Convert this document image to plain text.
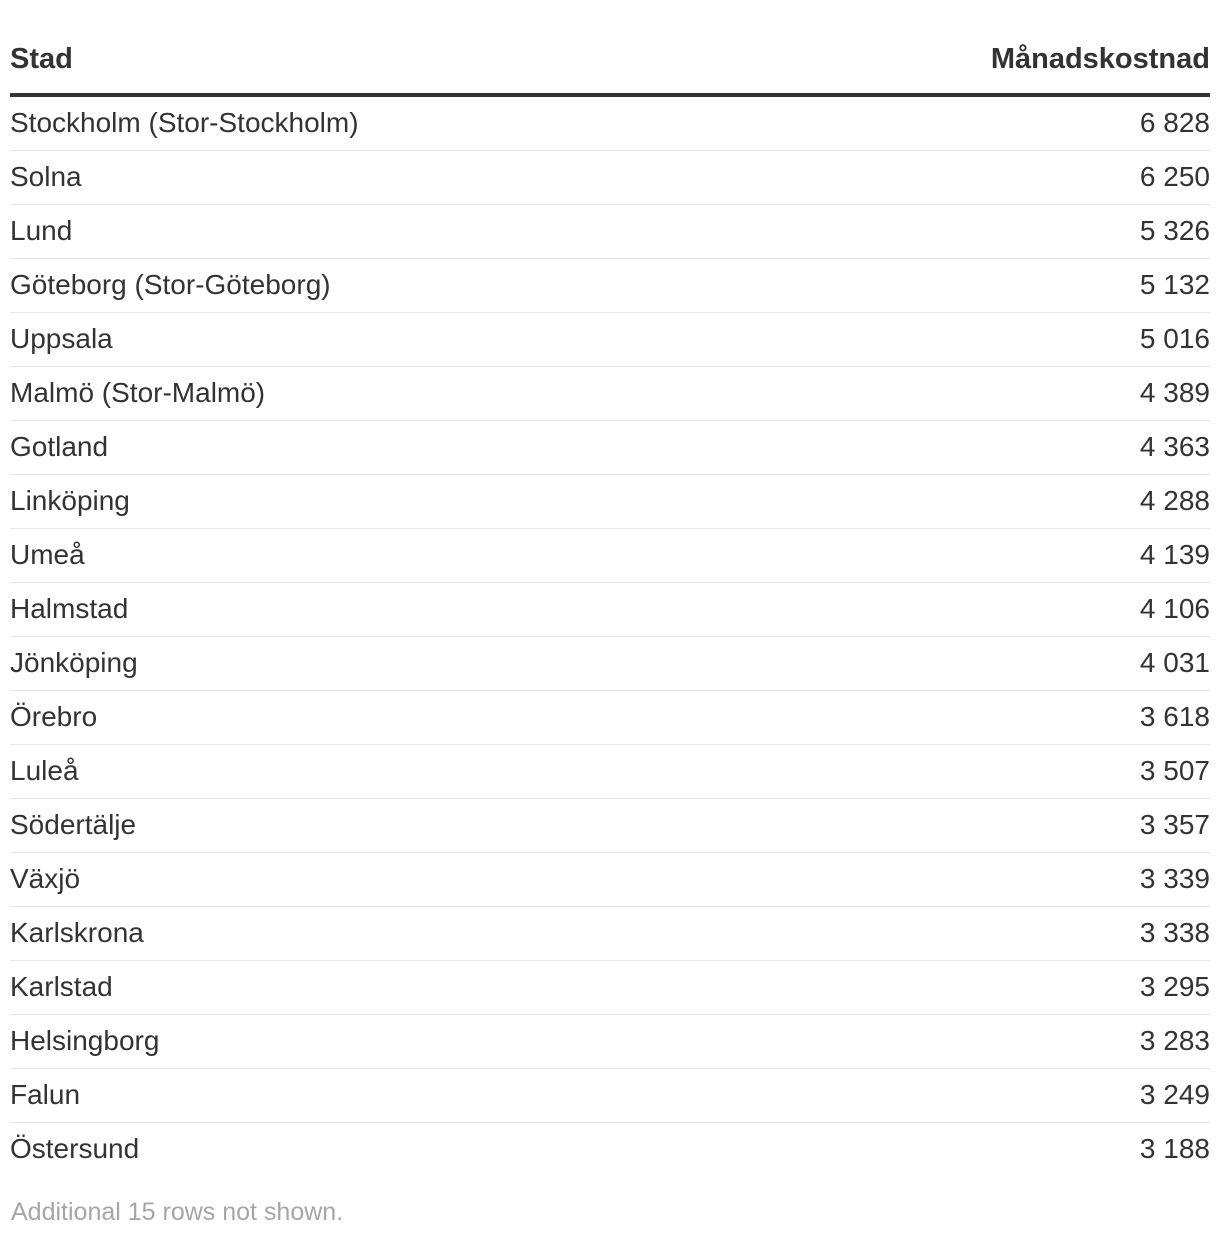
Stad	Månadskostnad
Stockholm (Stor-Stockholm)	6 828
Solna	6 250
Lund	5 326
Göteborg (Stor-Göteborg)	5 132
Uppsala	5 016
Malmö (Stor-Malmö)	4 389
Gotland	4 363
Linköping	4 288
Umeå	4 139
Halmstad	4 106
Jönköping	4 031
Örebro	3 618
Luleå	3 507
Södertälje	3 357
Växjö	3 339
Karlskrona	3 338
Karlstad	3 295
Helsingborg	3 283
Falun	3 249
Östersund	3 188
Additional 15 rows not shown.
